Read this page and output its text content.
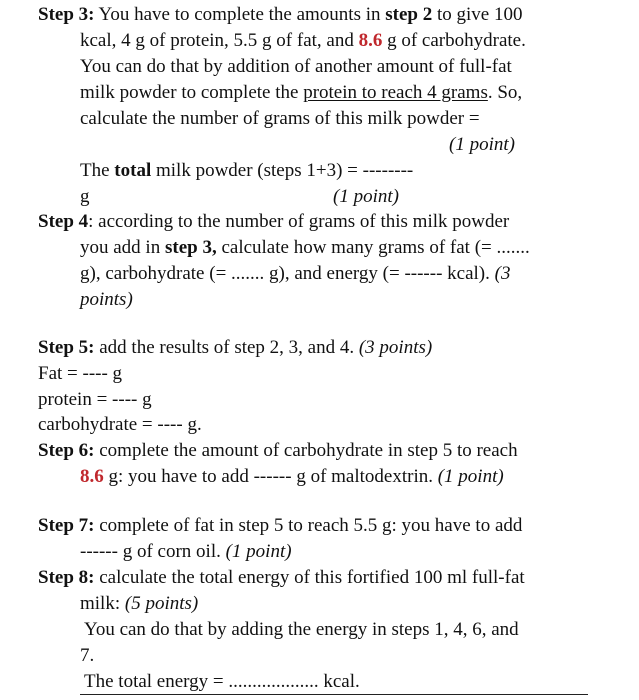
Step 3: You have to complete the amounts in step 2 to give 100
kcal, 4 g of protein, 5.5 g of fat, and 8.6 g of carbohydrate.
You can do that by addition of another amount of full-fat
milk powder to complete the protein to reach 4 grams. So,
calculate the number of grams of this milk powder =
(1 point)
The total milk powder (steps 1+3) = --------
g	(1 point)
Step 4: according to the number of grams of this milk powder
you add in step 3, calculate how many grams of fat (= .......
g), carbohydrate (= ....... g), and energy (= ------ kcal). (3
points)
Step 5: add the results of step 2, 3, and 4. (3 points)
Fat = ---- g
protein = ---- g
carbohydrate = ---- g.
Step 6: complete the amount of carbohydrate in step 5 to reach
8.6 g: you have to add ------ g of maltodextrin. (1 point)
Step 7: complete of fat in step 5 to reach 5.5 g: you have to add
------ g of corn oil. (1 point)
Step 8: calculate the total energy of this fortified 100 ml full-fat
milk: (5 points)
You can do that by adding the energy in steps 1, 4, 6, and
7.
The total energy = ................... kcal.
